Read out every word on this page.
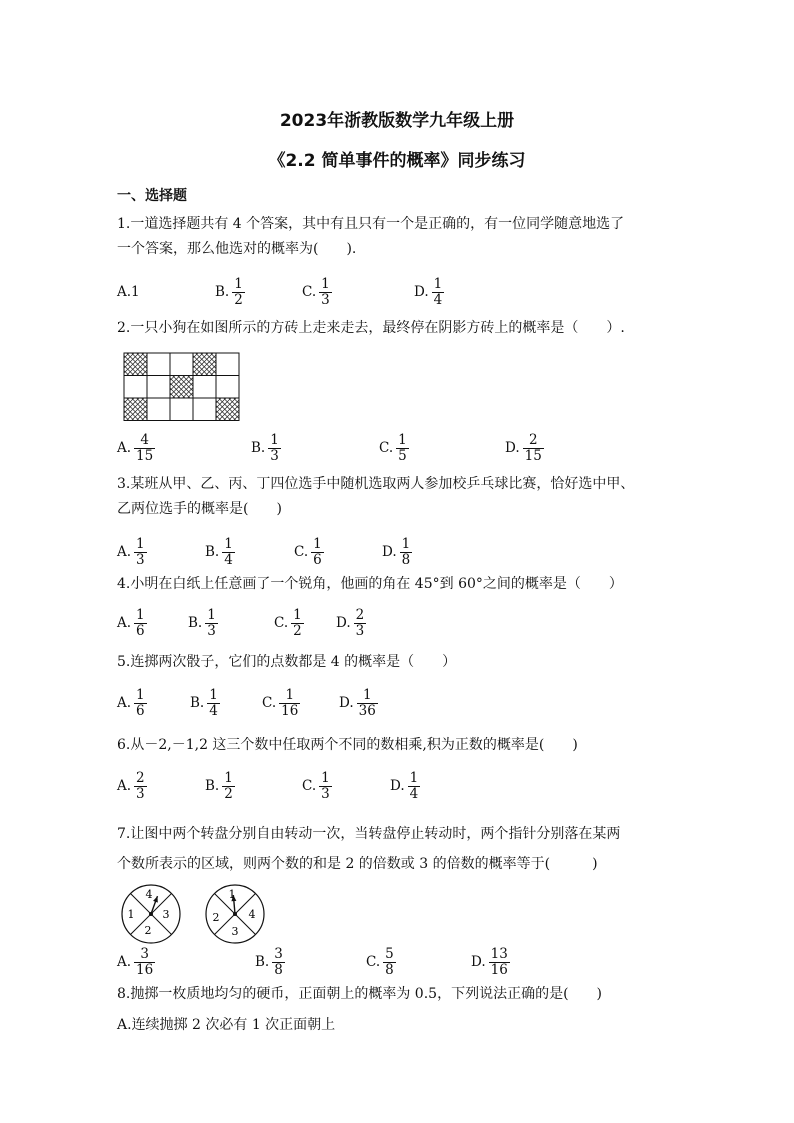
2023年浙教版数学九年级上册
《2.2 简单事件的概率》同步练习
一、选择题
1.一道选择题共有 4 个答案，其中有且只有一个是正确的，有一位同学随意地选了
一个答案，那么他选对的概率为(　　).
A. 1	B. $\frac{1}{2}$	C. $\frac{1}{3}$	D. $\frac{1}{4}$
2.一只小狗在如图所示的方砖上走来走去，最终停在阴影方砖上的概率是（　　）.
A. $\frac{4}{15}$	B. $\frac{1}{3}$	C. $\frac{1}{5}$	D. $\frac{2}{15}$
3.某班从甲、乙、丙、丁四位选手中随机选取两人参加校乒乓球比赛，恰好选中甲、
乙两位选手的概率是(　　)
A. $\frac{1}{3}$	B. $\frac{1}{4}$	C. $\frac{1}{6}$	D. $\frac{1}{8}$
4.小明在白纸上任意画了一个锐角，他画的角在 45°到 60°之间的概率是（　　）
A. $\frac{1}{6}$	B. $\frac{1}{3}$	C. $\frac{1}{2} D$. $\frac{2}{3}$
5.连掷两次骰子，它们的点数都是 4 的概率是（　　）
A. $\frac{1}{6}$	B. $\frac{1}{4}$	C. $\frac{1}{16}$	D. $\frac{1}{36}$
6.从－2,－1,2 这三个数中任取两个不同的数相乘,积为正数的概率是(　　)
A. $\frac{2}{3}$	B. $\frac{1}{2}$	C. $\frac{1}{3}$	D. $\frac{1}{4}$
7.让图中两个转盘分别自由转动一次，当转盘停止转动时，两个指针分别落在某两
个数所表示的区域，则两个数的和是 2 的倍数或 3 的倍数的概率等于(　　　)
4
3
2
1
1
4
3
2
A. $\frac{3}{16}$	B. $\frac{3}{8}$	C. $\frac{5}{8}$	D. $\frac{13}{16}$
8.抛掷一枚质地均匀的硬币，正面朝上的概率为 0.5，下列说法正确的是(　　)
A.连续抛掷 2 次必有 1 次正面朝上
